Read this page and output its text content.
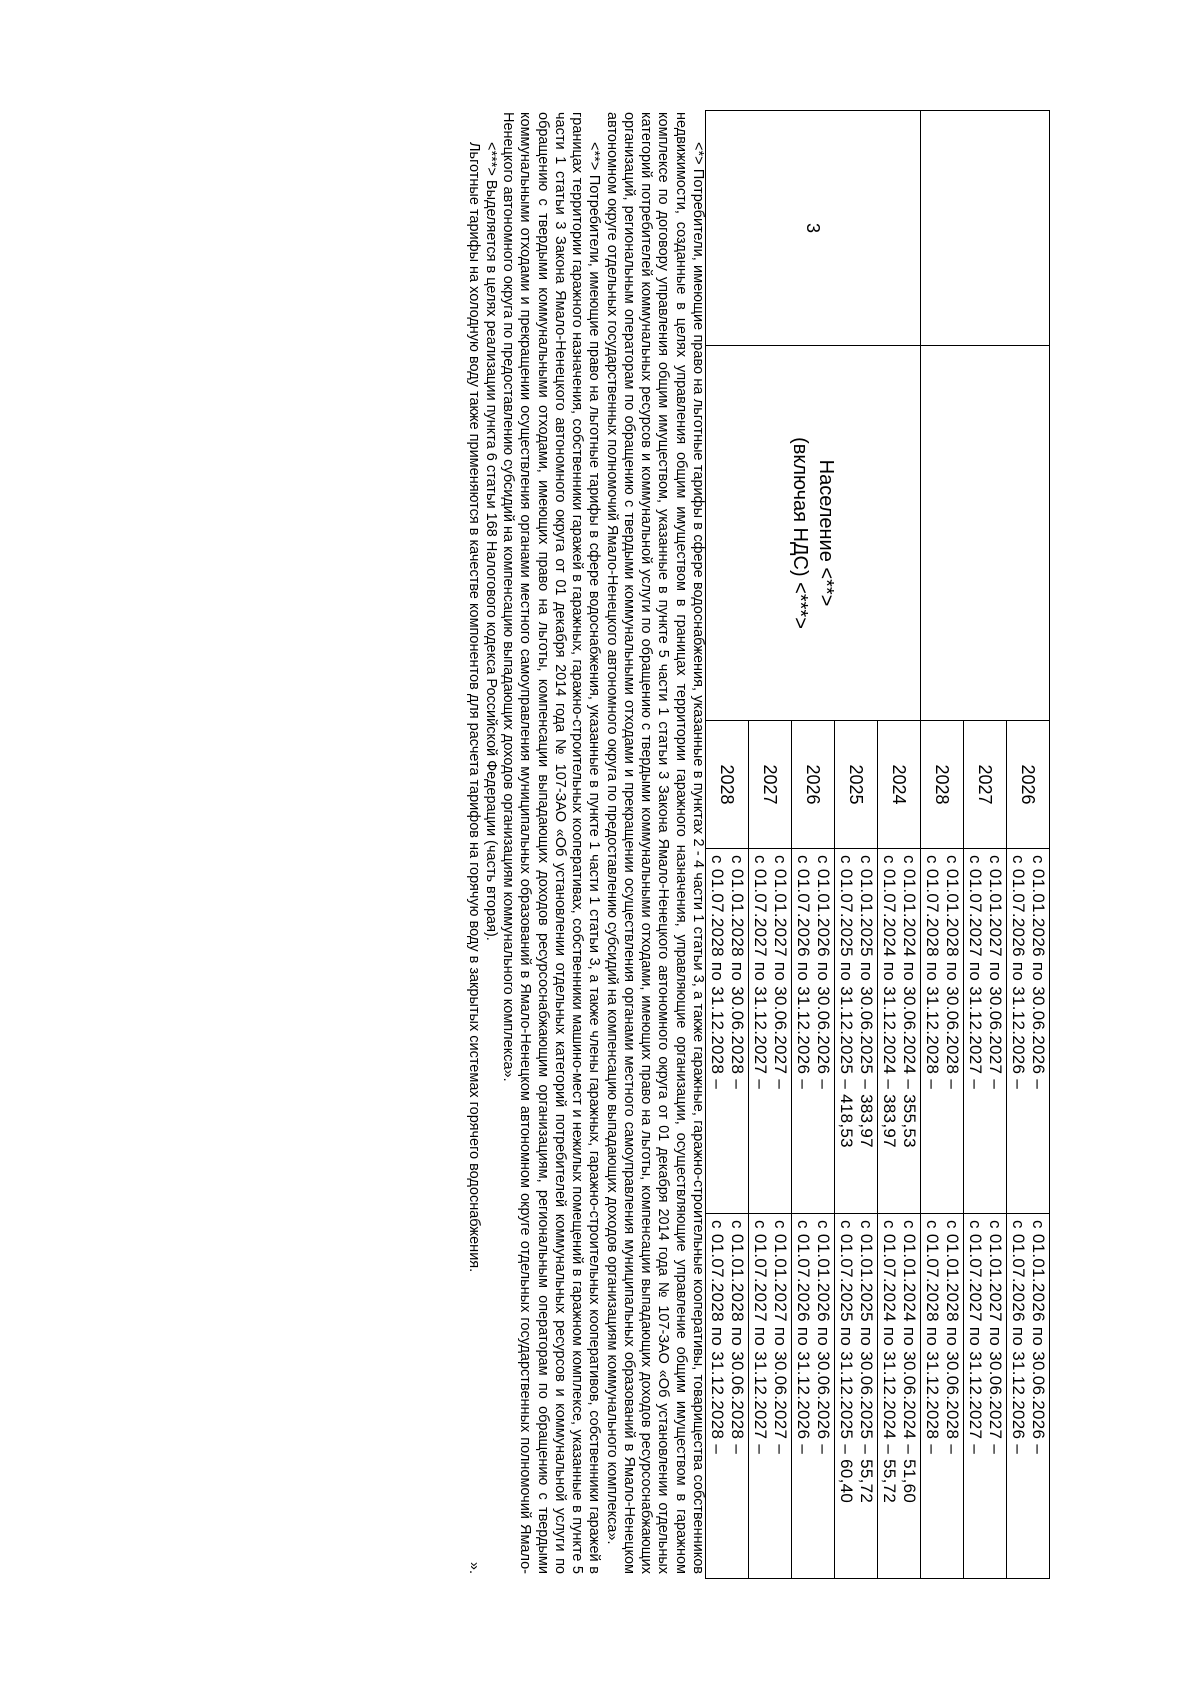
		2026	с 01.01.2026 по 30.06.2026 –
с 01.07.2026 по 31.12.2026 –	с 01.01.2026 по 30.06.2026 –
с 01.07.2026 по 31.12.2026 –

		2027	с 01.01.2027 по 30.06.2027 –
с 01.07.2027 по 31.12.2027 –	с 01.01.2027 по 30.06.2027 –
с 01.07.2027 по 31.12.2027 –

		2028	с 01.01.2028 по 30.06.2028 –
с 01.07.2028 по 31.12.2028 –	с 01.01.2028 по 30.06.2028 –
с 01.07.2028 по 31.12.2028 –

3	Население <**>
(включая НДС) <***>	2024	с 01.01.2024 по 30.06.2024 – 355,53
с 01.07.2024 по 31.12.2024 – 383,97	с 01.01.2024 по 30.06.2024 – 51,60
с 01.07.2024 по 31.12.2024 – 55,72

		2025	с 01.01.2025 по 30.06.2025 – 383,97
с 01.07.2025 по 31.12.2025 – 418,53	с 01.01.2025 по 30.06.2025 – 55,72
с 01.07.2025 по 31.12.2025 – 60,40

		2026	с 01.01.2026 по 30.06.2026 –
с 01.07.2026 по 31.12.2026 –	с 01.01.2026 по 30.06.2026 –
с 01.07.2026 по 31.12.2026 –

		2027	с 01.01.2027 по 30.06.2027 –
с 01.07.2027 по 31.12.2027 –	с 01.01.2027 по 30.06.2027 –
с 01.07.2027 по 31.12.2027 –

		2028	с 01.01.2028 по 30.06.2028 –
с 01.07.2028 по 31.12.2028 –	с 01.01.2028 по 30.06.2028 –
с 01.07.2028 по 31.12.2028 –

<*> Потребители, имеющие право на льготные тарифы в сфере водоснабжения, указанные в пунктах 2 - 4 части 1 статьи 3, а также гаражные, гаражно-строительные кооперативы, товарищества собственников недвижимости, созданные в целях управления общим имуществом в границах территории гаражного назначения, управляющие организации, осуществляющие управление общим имуществом в гаражном комплексе по договору управления общим имуществом, указанные в пункте 5 части 1 статьи 3 Закона Ямало-Ненецкого автономного округа от 01 декабря 2014 года № 107-ЗАО «Об установлении отдельных категорий потребителей коммунальных ресурсов и коммунальной услуги по обращению с твердыми коммунальными отходами, имеющих право на льготы, компенсации выпадающих доходов ресурсоснабжающих организаций, региональным операторам по обращению с твердыми коммунальными отходами и прекращении осуществления органами местного самоуправления муниципальных образований в Ямало-Ненецком автономном округе отдельных государственных полномочий Ямало-Ненецкого автономного округа по предоставлению субсидий на компенсацию выпадающих доходов организациям коммунального комплекса».

<**> Потребители, имеющие право на льготные тарифы в сфере водоснабжения, указанные в пункте 1 части 1 статьи 3, а также члены гаражных, гаражно-строительных кооперативов, собственники гаражей в границах территории гаражного назначения, собственники гаражей в гаражных, гаражно-строительных кооперативах, собственники машино-мест и нежилых помещений в гаражном комплексе, указанные в пункте 5 части 1 статьи 3 Закона Ямало-Ненецкого автономного округа от 01 декабря 2014 года № 107-ЗАО «Об установлении отдельных категорий потребителей коммунальных ресурсов и коммунальной услуги по обращению с твердыми коммунальными отходами, имеющих право на льготы, компенсации выпадающих доходов ресурсоснабжающим организациям, региональным операторам по обращению с твердыми коммунальными отходами и прекращении осуществления органами местного самоуправления муниципальных образований в Ямало-Ненецком автономном округе отдельных государственных полномочий Ямало-Ненецкого автономного округа по предоставлению субсидий на компенсацию выпадающих доходов организациям коммунального комплекса».

<***> Выделяется в целях реализации пункта 6 статьи 168 Налогового кодекса Российской Федерации (часть вторая).

Льготные тарифы на холодную воду также применяются в качестве компонентов для расчета тарифов на горячую воду в закрытых системах горячего водоснабжения.
».
